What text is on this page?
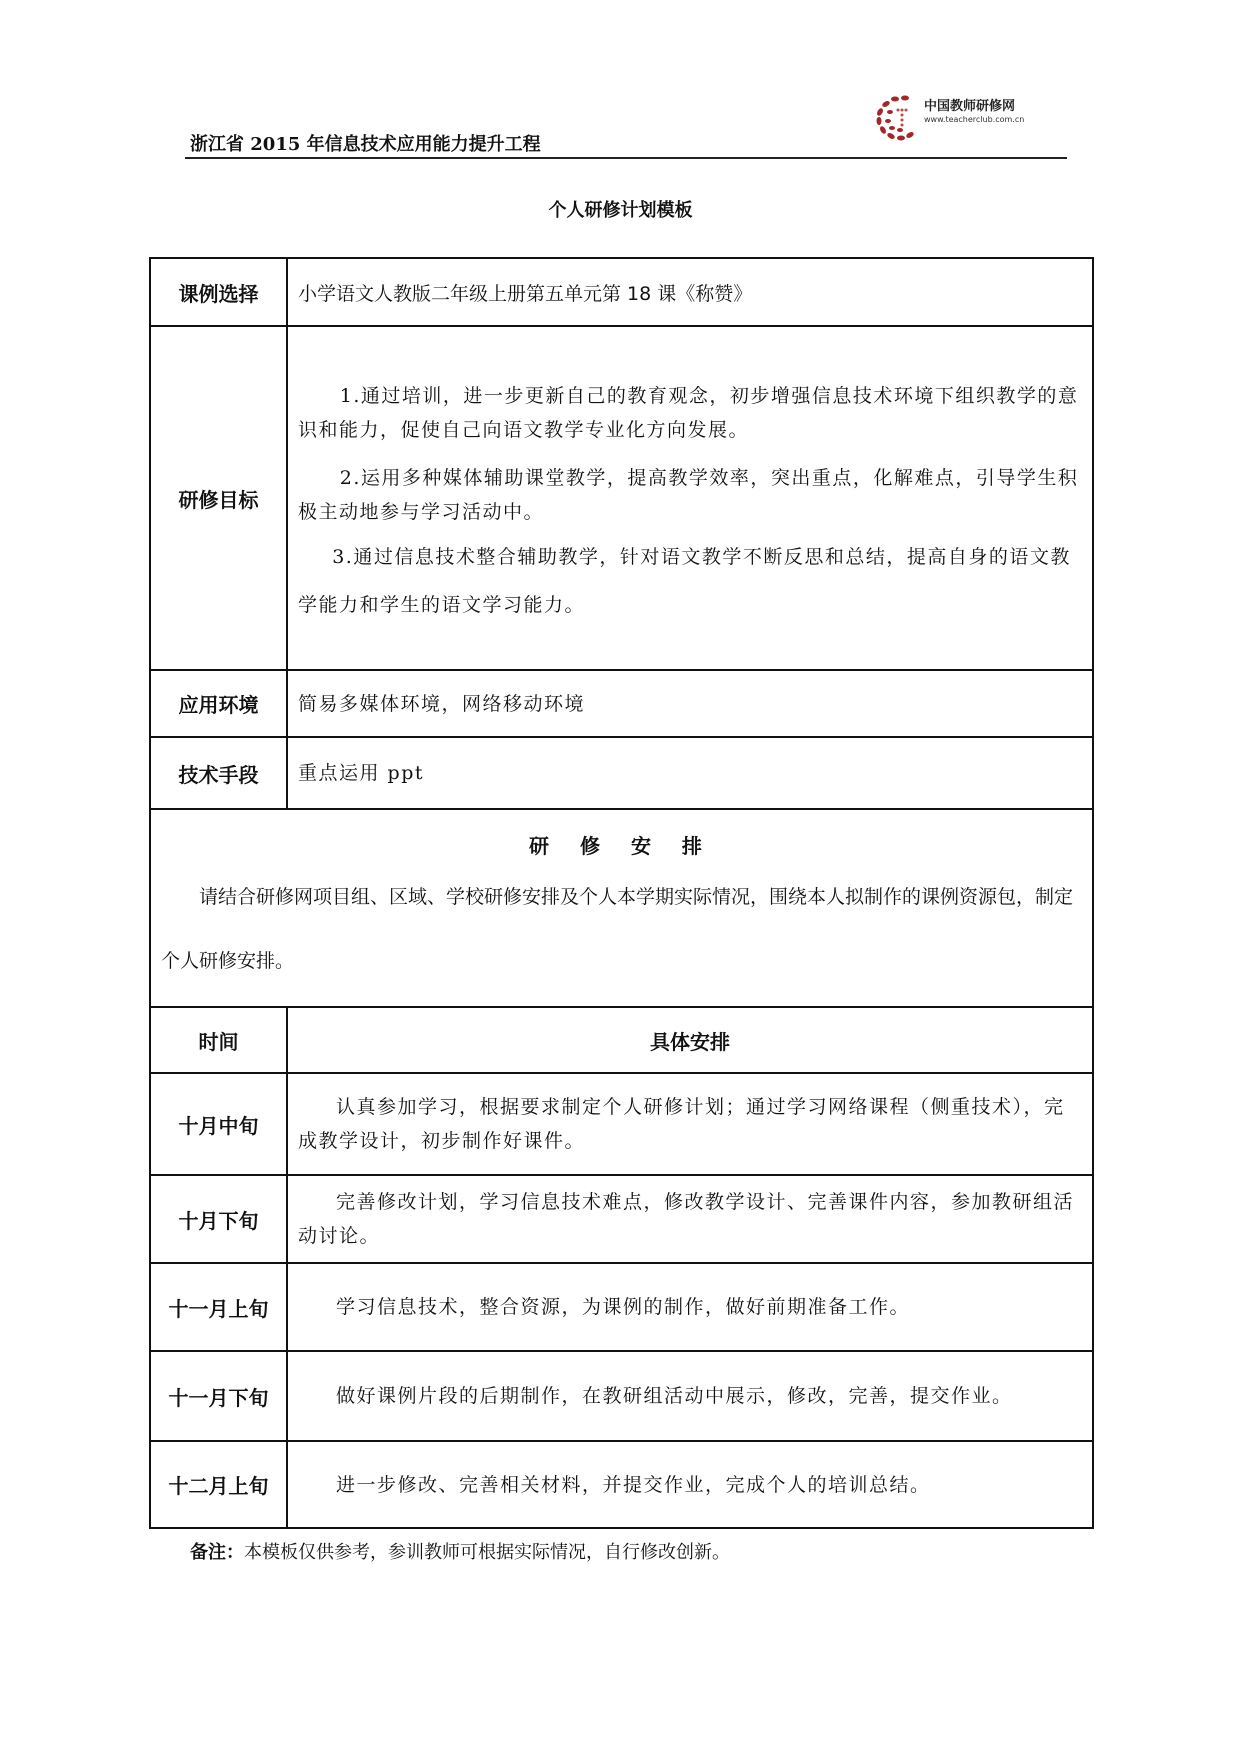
浙江省 2015 年信息技术应用能力提升工程
中国教师研修网
www.teacherclub.com.cn
个人研修计划模板
课例选择	小学语文人教版二年级上册第五单元第 18 课《称赞》
研修目标	1.通过培训，进一步更新自己的教育观念，初步增强信息技术环境下组织教学的意识和能力，促使自己向语文教学专业化方向发展。

2.运用多种媒体辅助课堂教学，提高教学效率，突出重点，化解难点，引导学生积极主动地参与学习活动中。

3.通过信息技术整合辅助教学，针对语文教学不断反思和总结，提高自身的语文教学能力和学生的语文学习能力。

应用环境	简易多媒体环境，网络移动环境
技术手段	重点运用 ppt

研 修 安 排
请结合研修网项目组、区域、学校研修安排及个人本学期实际情况，围绕本人拟制作的课例资源包，制定个人研修安排。	

时间	具体安排
十月中旬	认真参加学习，根据要求制定个人研修计划；通过学习网络课程（侧重技术），完成教学设计，初步制作好课件。

十月下旬	完善修改计划，学习信息技术难点，修改教学设计、完善课件内容，参加教研组活动讨论。

十一月上旬	学习信息技术，整合资源，为课例的制作，做好前期准备工作。

十一月下旬	做好课例片段的后期制作，在教研组活动中展示，修改，完善，提交作业。

十二月上旬	进一步修改、完善相关材料，并提交作业，完成个人的培训总结。

备注：本模板仅供参考，参训教师可根据实际情况，自行修改创新。
